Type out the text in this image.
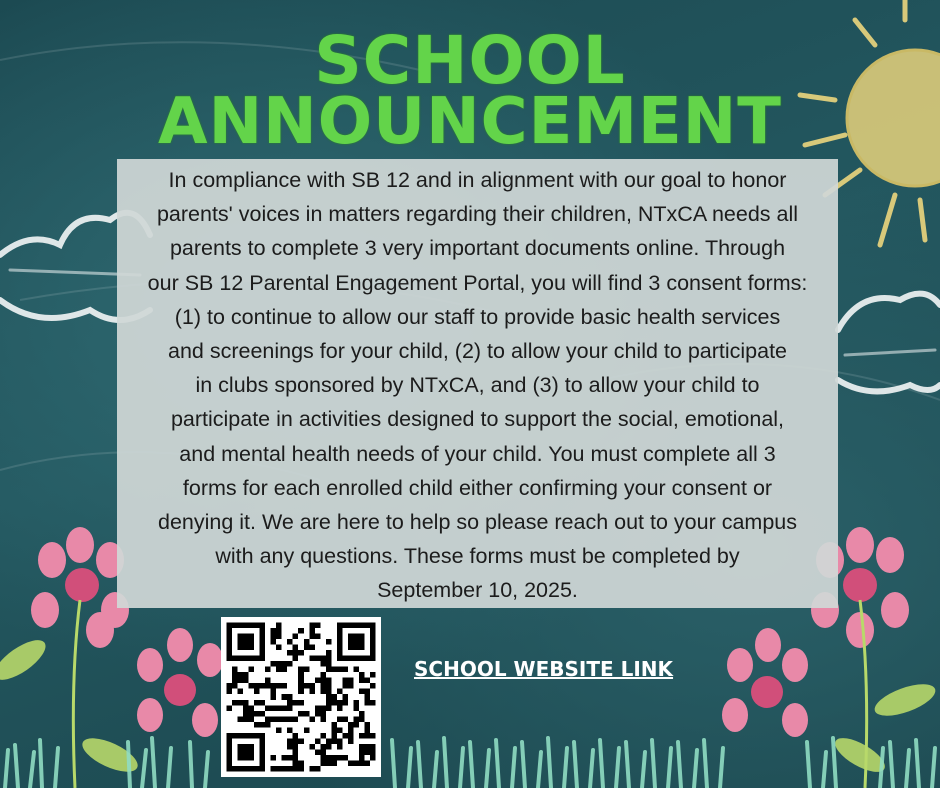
SCHOOL
ANNOUNCEMENT
In compliance with SB 12 and in alignment with our goal to honor
parents' voices in matters regarding their children, NTxCA needs all
parents to complete 3 very important documents online. Through
our SB 12 Parental Engagement Portal, you will find 3 consent forms:
(1) to continue to allow our staff to provide basic health services
and screenings for your child, (2) to allow your child to participate
in clubs sponsored by NTxCA, and (3) to allow your child to
participate in activities designed to support the social, emotional,
and mental health needs of your child. You must complete all 3
forms for each enrolled child either confirming your consent or
denying it. We are here to help so please reach out to your campus
with any questions. These forms must be completed by
September 10, 2025.
SCHOOL WEBSITE LINK
